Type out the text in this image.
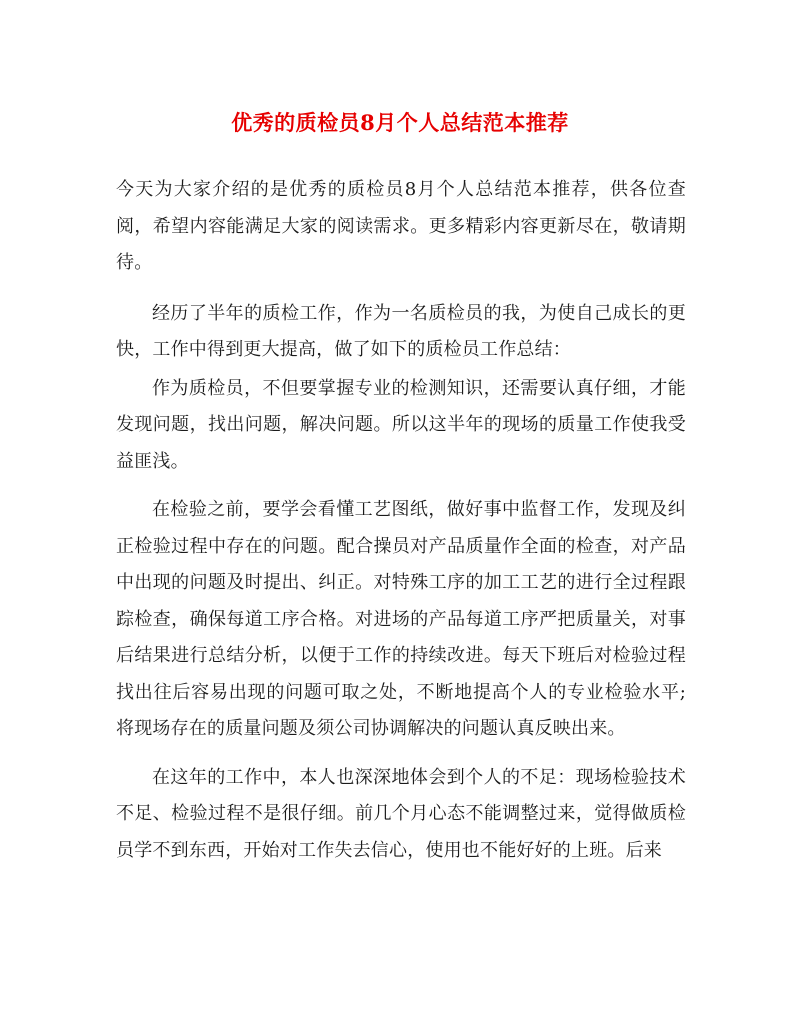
优秀的质检员8月个人总结范本推荐

今天为大家介绍的是优秀的质检员8月个人总结范本推荐，供各位查阅，希望内容能满足大家的阅读需求。更多精彩内容更新尽在，敬请期待。

经历了半年的质检工作，作为一名质检员的我，为使自己成长的更快，工作中得到更大提高，做了如下的质检员工作总结：

作为质检员，不但要掌握专业的检测知识，还需要认真仔细，才能发现问题，找出问题，解决问题。所以这半年的现场的质量工作使我受益匪浅。

在检验之前，要学会看懂工艺图纸，做好事中监督工作，发现及纠正检验过程中存在的问题。配合操员对产品质量作全面的检查，对产品中出现的问题及时提出、纠正。对特殊工序的加工工艺的进行全过程跟踪检查，确保每道工序合格。对进场的产品每道工序严把质量关，对事后结果进行总结分析，以便于工作的持续改进。每天下班后对检验过程找出往后容易出现的问题可取之处，不断地提高个人的专业检验水平;将现场存在的质量问题及须公司协调解决的问题认真反映出来。

在这年的工作中，本人也深深地体会到个人的不足：现场检验技术不足、检验过程不是很仔细。前几个月心态不能调整过来，觉得做质检员学不到东西，开始对工作失去信心，使用也不能好好的上班。后来
